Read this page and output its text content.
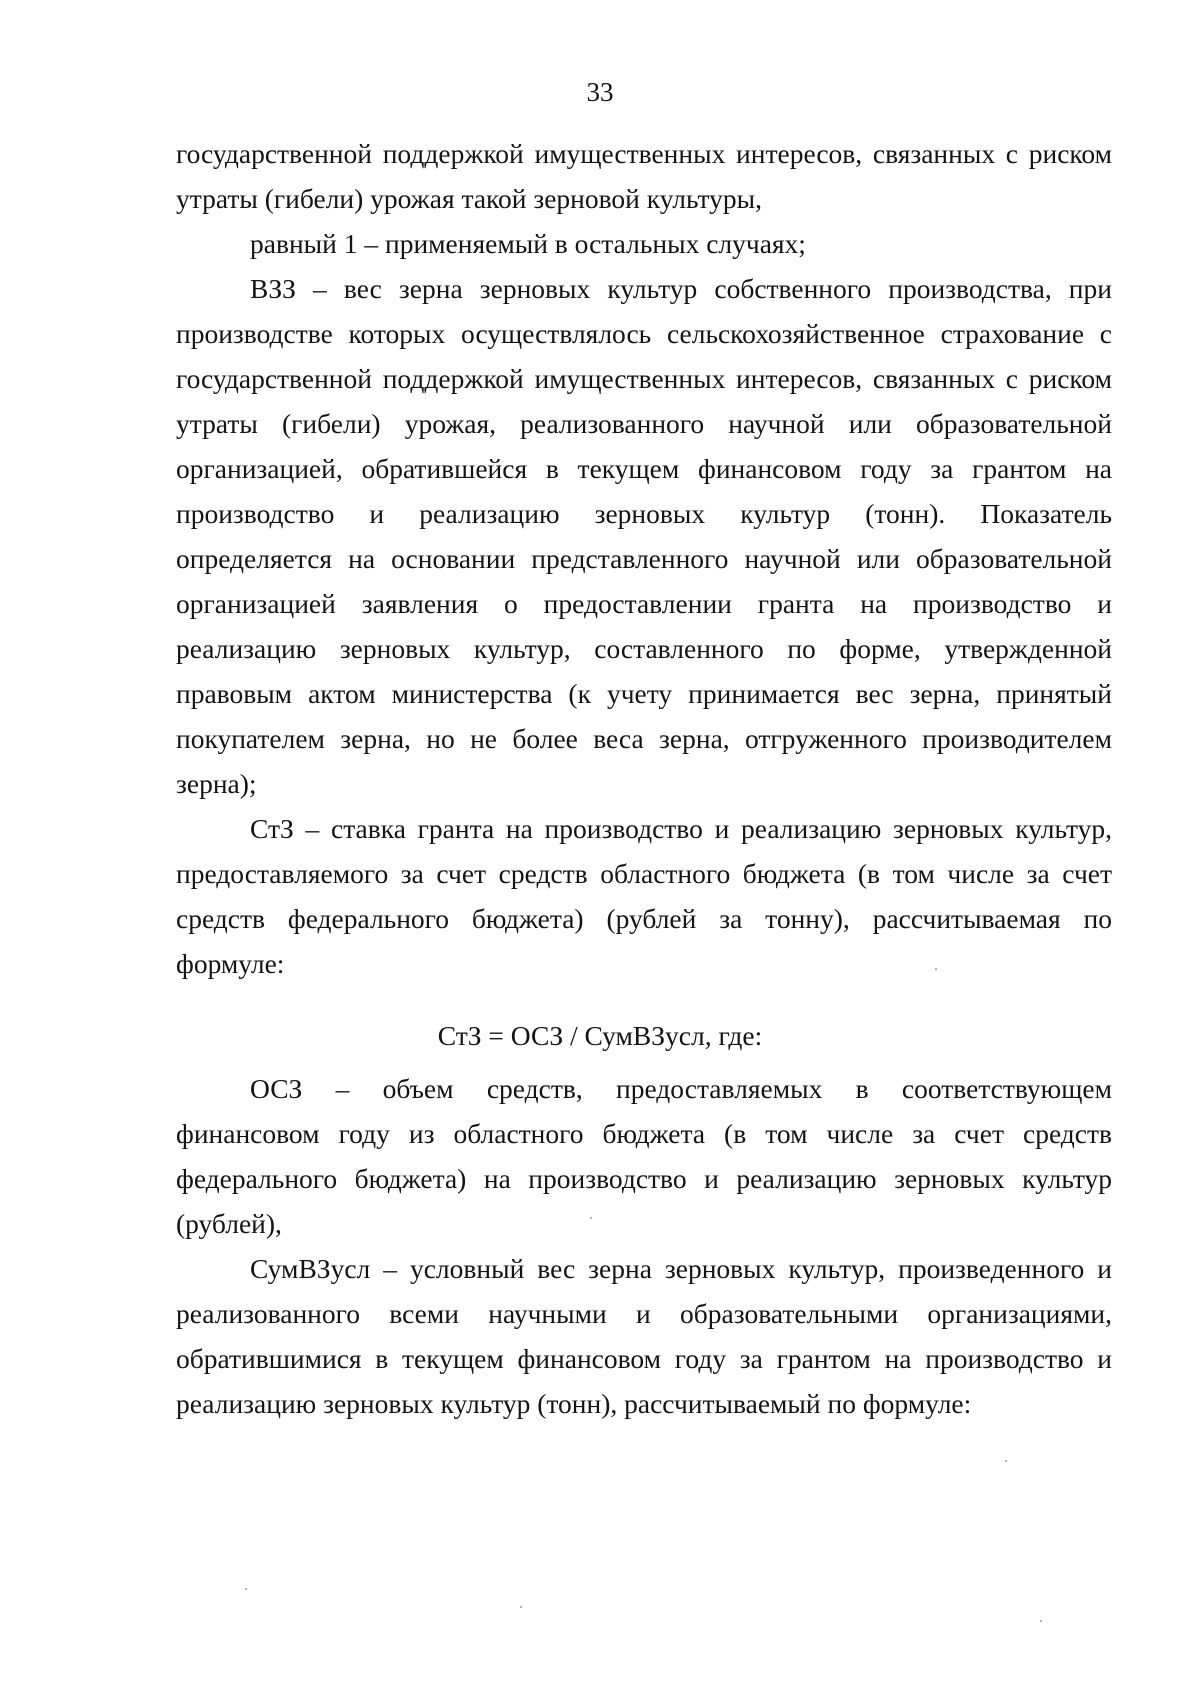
33

государственной поддержкой имущественных интересов, связанных с риском

утраты (гибели) урожая такой зерновой культуры,

равный 1 – применяемый в остальных случаях;

ВЗЗ – вес зерна зерновых культур собственного производства, при

производстве которых осуществлялось сельскохозяйственное страхование с

государственной поддержкой имущественных интересов, связанных с риском

утраты (гибели) урожая, реализованного научной или образовательной

организацией, обратившейся в текущем финансовом году за грантом на

производство и реализацию зерновых культур (тонн). Показатель

определяется на основании представленного научной или образовательной

организацией заявления о предоставлении гранта на производство и

реализацию зерновых культур, составленного по форме, утвержденной

правовым актом министерства (к учету принимается вес зерна, принятый

покупателем зерна, но не более веса зерна, отгруженного производителем

зерна);

СтЗ – ставка гранта на производство и реализацию зерновых культур,

предоставляемого за счет средств областного бюджета (в том числе за счет

средств федерального бюджета) (рублей за тонну), рассчитываемая по

формуле:

СтЗ = ОСЗ / СумВЗусл, где:

ОСЗ – объем средств, предоставляемых в соответствующем

финансовом году из областного бюджета (в том числе за счет средств

федерального бюджета) на производство и реализацию зерновых культур

(рублей),

СумВЗусл – условный вес зерна зерновых культур, произведенного и

реализованного всеми научными и образовательными организациями,

обратившимися в текущем финансовом году за грантом на производство и

реализацию зерновых культур (тонн), рассчитываемый по формуле:
